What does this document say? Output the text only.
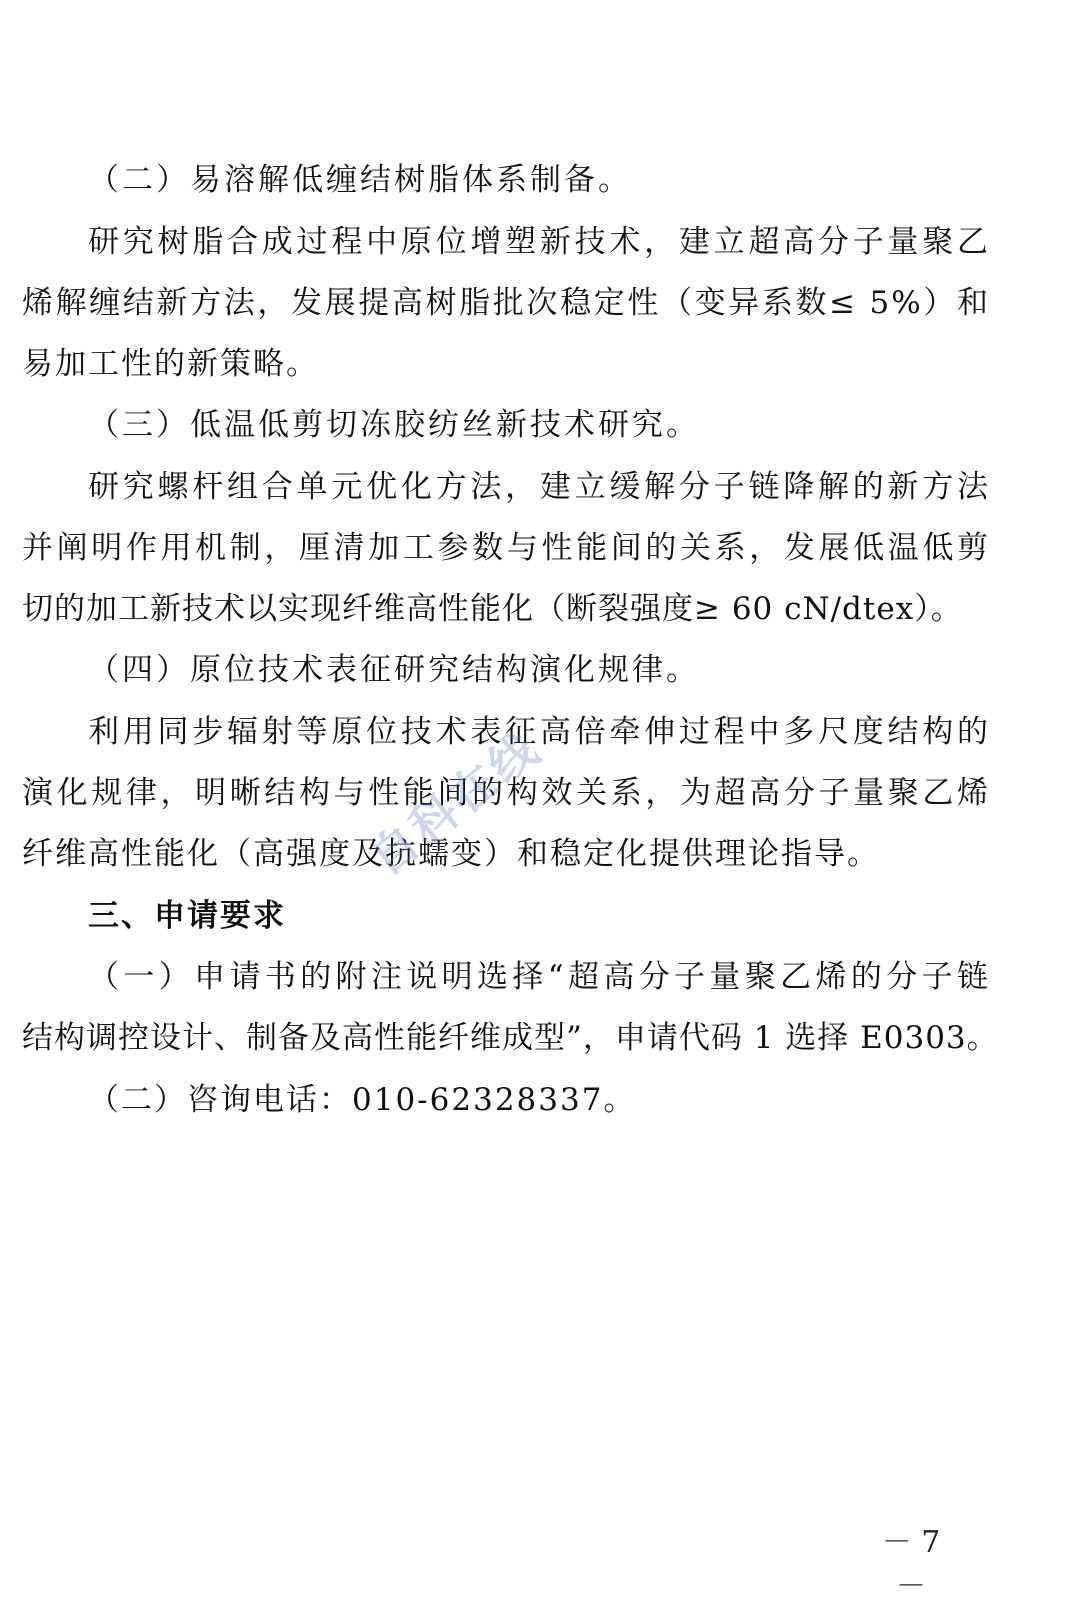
（二）易溶解低缠结树脂体系制备。
研究树脂合成过程中原位增塑新技术，建立超高分子量聚乙
烯解缠结新方法，发展提高树脂批次稳定性（变异系数≤ 5%）和
易加工性的新策略。
（三）低温低剪切冻胶纺丝新技术研究。
研究螺杆组合单元优化方法，建立缓解分子链降解的新方法
并阐明作用机制，厘清加工参数与性能间的关系，发展低温低剪
切的加工新技术以实现纤维高性能化（断裂强度≥ 60 cN/dtex）。
（四）原位技术表征研究结构演化规律。
利用同步辐射等原位技术表征高倍牵伸过程中多尺度结构的
演化规律，明晰结构与性能间的构效关系，为超高分子量聚乙烯
纤维高性能化（高强度及抗蠕变）和稳定化提供理论指导。
三、申请要求
（一）申请书的附注说明选择“超高分子量聚乙烯的分子链
结构调控设计、制备及高性能纤维成型”，申请代码 1 选择 E0303。
（二）咨询电话：010-62328337。
自科在线
－ 7 －
